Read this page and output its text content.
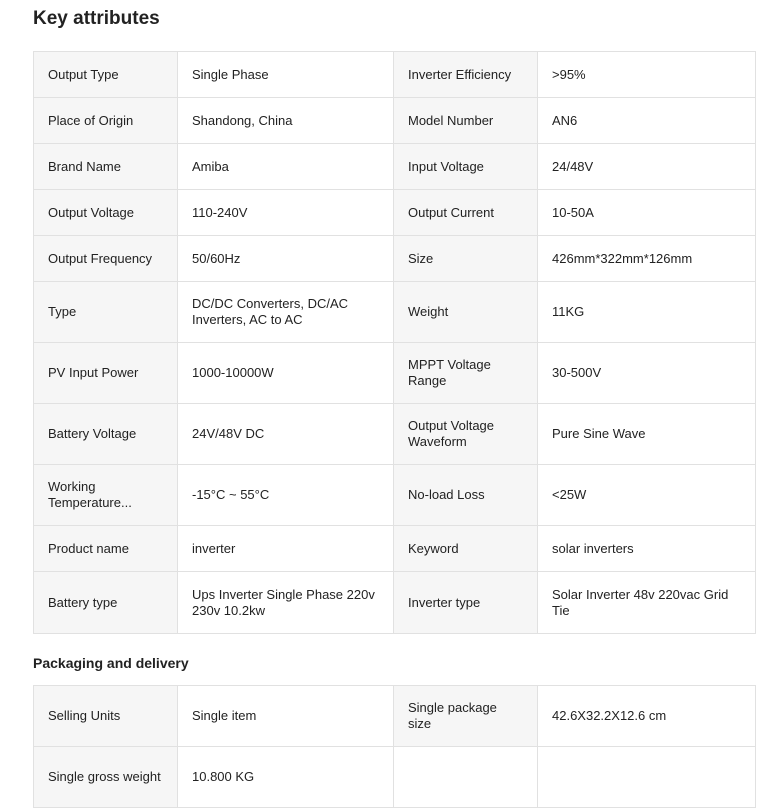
Key attributes
Output Type	Single Phase	Inverter Efficiency	>95%
Place of Origin	Shandong, China	Model Number	AN6
Brand Name	Amiba	Input Voltage	24/48V
Output Voltage	110-240V	Output Current	10-50A
Output Frequency	50/60Hz	Size	426mm*322mm*126mm
Type	DC/DC Converters, DC/AC Inverters, AC to AC	Weight	11KG
PV Input Power	1000-10000W	MPPT Voltage Range	30-500V
Battery Voltage	24V/48V DC	Output Voltage Waveform	Pure Sine Wave
Working Temperature...	-15°C ~ 55°C	No-load Loss	<25W
Product name	inverter	Keyword	solar inverters
Battery type	Ups Inverter Single Phase 220v 230v 10.2kw	Inverter type	Solar Inverter 48v 220vac Grid Tie
Packaging and delivery
Selling Units	Single item	Single package size	42.6X32.2X12.6 cm
Single gross weight	10.800 KG		
